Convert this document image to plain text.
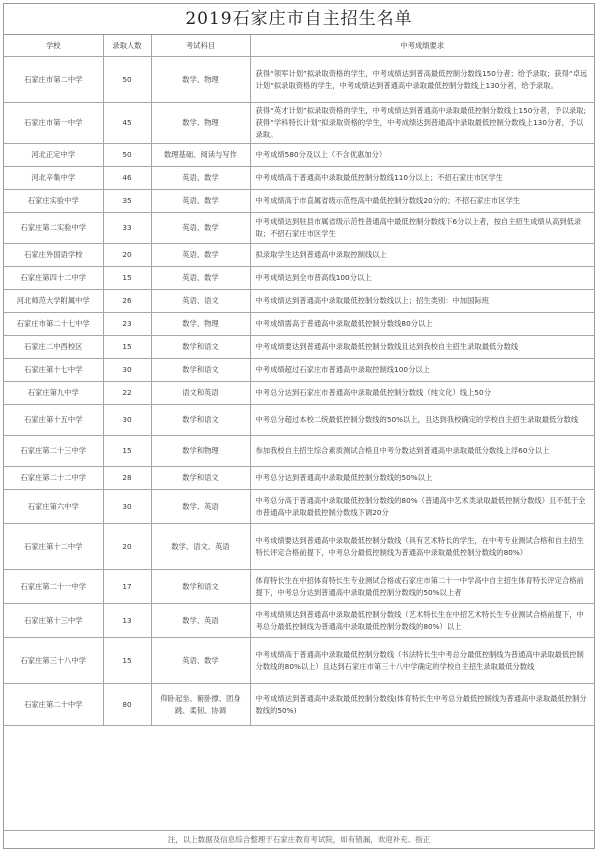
2019石家庄市自主招生名单
学校	录取人数	考试科目	中考成绩要求
石家庄市第二中学	50	数学、物理	获得“领军计划”拟录取资格的学生，中考成绩达到普高最低控制分数线150分者；给予录取；获得“卓远计划”拟录取资格的学生，中考成绩达到普通高中录取最低控制分数线上130分者，给予录取。
石家庄市第一中学	45	数学、物理	获得“英才计划”拟录取资格的学生，中考成绩达到普通高中录取最低控制分数线上150分者，予以录取;获得“学科特长计划”拟录取资格的学生，中考成绩达到普通高中录取最低控制分数线上130分者，予以录取。
河北正定中学	50	数理基础、阅读与写作	中考成绩580分及以上（不含优惠加分）
河北辛集中学	46	英语、数学	中考成绩高于普通高中录取最低控制分数线110分以上；不招石家庄市区学生
石家庄实验中学	35	英语、数学	中考成绩高于市直属省级示范性高中最低控制分数线20分的；不招石家庄市区学生
石家庄第二实验中学	33	英语、数学	中考成绩达到驻县市属省级示范性普通高中最低控制分数线下6分以上者，按自主招生成绩从高到低录取；不招石家庄市区学生
石家庄外国语学校	20	英语、数学	拟录取学生达到普通高中录取控制线以上
石家庄第四十二中学	15	英语、数学	中考成绩达到全市普高线100分以上
河北师范大学附属中学	26	英语、语文	中考成绩达到普通高中录取最低控制分数线以上；招生类别：中加国际班
石家庄市第二十七中学	23	数学、物理	中考成绩需高于普通高中录取最低控制分数线80分以上
石家庄二中西校区	15	数学和语文	中考成绩要达到普通高中录取最低控制分数线且达到我校自主招生录取最低分数线
石家庄第十七中学	30	数学和语文	中考成绩超过石家庄市普通高中录取控制线100分以上
石家庄第九中学	22	语文和英语	中考总分达到石家庄市普通高中录取最低控制分数线（纯文化）线上50分
石家庄第十五中学	30	数学和语文	中考总分超过本校二统最低控制分数线的50%以上，且达到我校确定的学校自主招生录取最低分数线
石家庄第二十三中学	15	数学和物理	参加我校自主招生综合素质测试合格且中考分数达到普通高中录取最低分数线上浮60分以上
石家庄第二十二中学	28	数学和语文	中考总分达到普通高中录取最低控制分数线的50%以上
石家庄第六中学	30	数学、英语	中考总分高于普通高中录取最低控制分数线的80%（普通高中艺术类录取最低控制分数线）且不低于全市普通高中录取最低控制分数线下调20分
石家庄第十二中学	20	数学、语文、英语	中考成绩要达到普通高中录取最低控制分数线（具有艺术特长的学生，在中考专业测试合格和自主招生特长评定合格前提下，中考总分最低控制线为普通高中录取最低控制分数线的80%）
石家庄第二十一中学	17	数学和语文	体育特长生在中招体育特长生专业测试合格或石家庄市第二十一中学高中自主招生体育特长评定合格前提下，中考总分达到普通高中录取最低控制分数线的50%以上者
石家庄第十三中学	13	数学、英语	中考成绩须达到普通高中录取最低控制分数线（艺术特长生在中招艺术特长生专业测试合格前提下，中考总分最低控制线为普通高中录取最低控制分数线的80%）以上
石家庄第三十八中学	15	英语、数学	中考成绩高于普通高中录取最低控制分数线（书法特长生中考总分最低控制线为普通高中录取最低控制分数线的80%以上）且达到石家庄市第三十八中学确定的学校自主招生录取最低分数线
石家庄第二十中学	80	仰卧起坐、俯卧撑、团身跳、柔韧、协调	中考成绩达到普通高中录取最低控制分数线(体育特长生中考总分最低控制线为普通高中录取最低控制分数线的50%)
注，以上数据及信息综合整理于石家庄教育考试院，如有错漏，欢迎补充、指正
